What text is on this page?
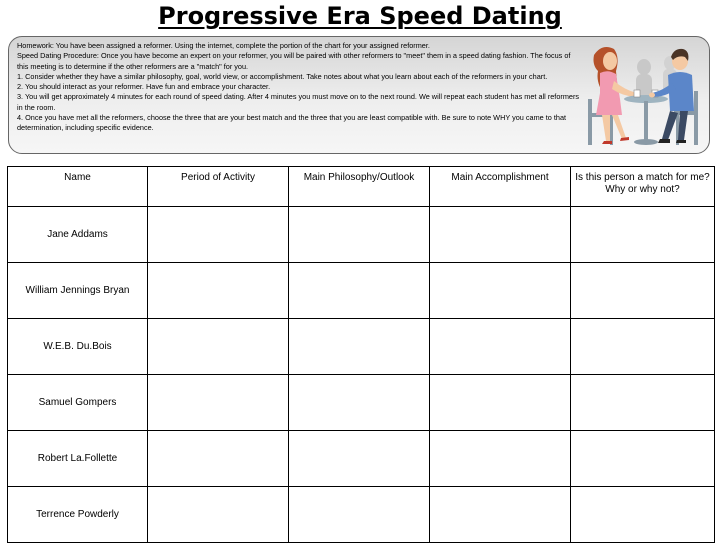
Progressive Era Speed Dating

Homework: You have been assigned a reformer. Using the internet, complete the portion of the chart for your assigned reformer.

Speed Dating Procedure: Once you have become an expert on your reformer, you will be paired with other reformers to "meet" them in a speed dating fashion. The focus of this meeting is to determine if the other reformers are a "match" for you.

1. Consider whether they have a similar philosophy, goal, world view, or accomplishment. Take notes about what you learn about each of the reformers in your chart.

2. You should interact as your reformer. Have fun and embrace your character.

3. You will get approximately 4 minutes for each round of speed dating. After 4 minutes you must move on to the next round. We will repeat each student has met all reformers in the room.

4. Once you have met all the reformers, choose the three that are your best match and the three that you are least compatible with. Be sure to note WHY you came to that determination, including specific evidence.

Name	Period of Activity	Main Philosophy/Outlook	Main Accomplishment	Is this person a match for me? Why or why not?
Jane Addams				
William Jennings Bryan				
W.E.B. Du.Bois				
Samuel Gompers				
Robert La.Follette				
Terrence Powderly				
